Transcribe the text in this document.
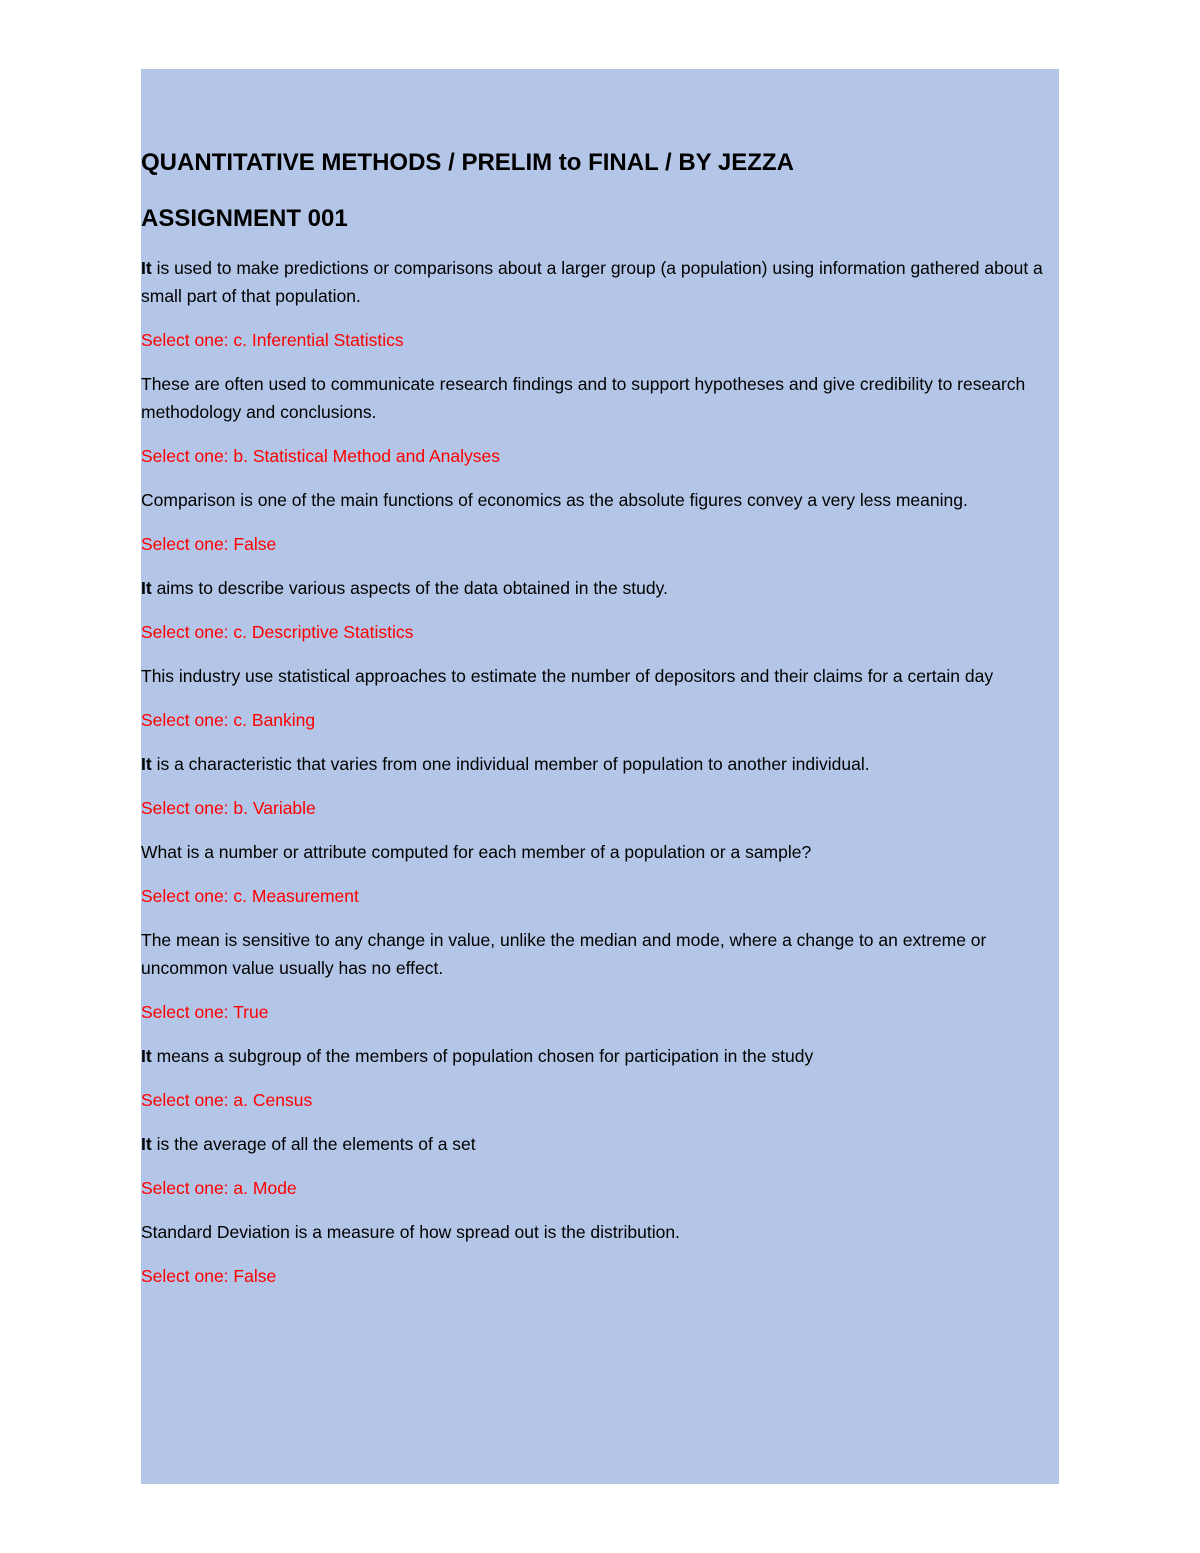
QUANTITATIVE METHODS / PRELIM to FINAL / BY JEZZA
ASSIGNMENT 001

It is used to make predictions or comparisons about a larger group (a population) using information gathered about a small part of that population.

Select one: c. Inferential Statistics

These are often used to communicate research findings and to support hypotheses and give credibility to research methodology and conclusions.

Select one: b. Statistical Method and Analyses

Comparison is one of the main functions of economics as the absolute figures convey a very less meaning.

Select one: False

It aims to describe various aspects of the data obtained in the study.

Select one: c. Descriptive Statistics

This industry use statistical approaches to estimate the number of depositors and their claims for a certain day

Select one: c. Banking

It is a characteristic that varies from one individual member of population to another individual.

Select one: b. Variable

What is a number or attribute computed for each member of a population or a sample?

Select one: c. Measurement

The mean is sensitive to any change in value, unlike the median and mode, where a change to an extreme or uncommon value usually has no effect.

Select one: True

It means a subgroup of the members of population chosen for participation in the study

Select one: a. Census

It is the average of all the elements of a set

Select one: a. Mode

Standard Deviation is a measure of how spread out is the distribution.

Select one: False
